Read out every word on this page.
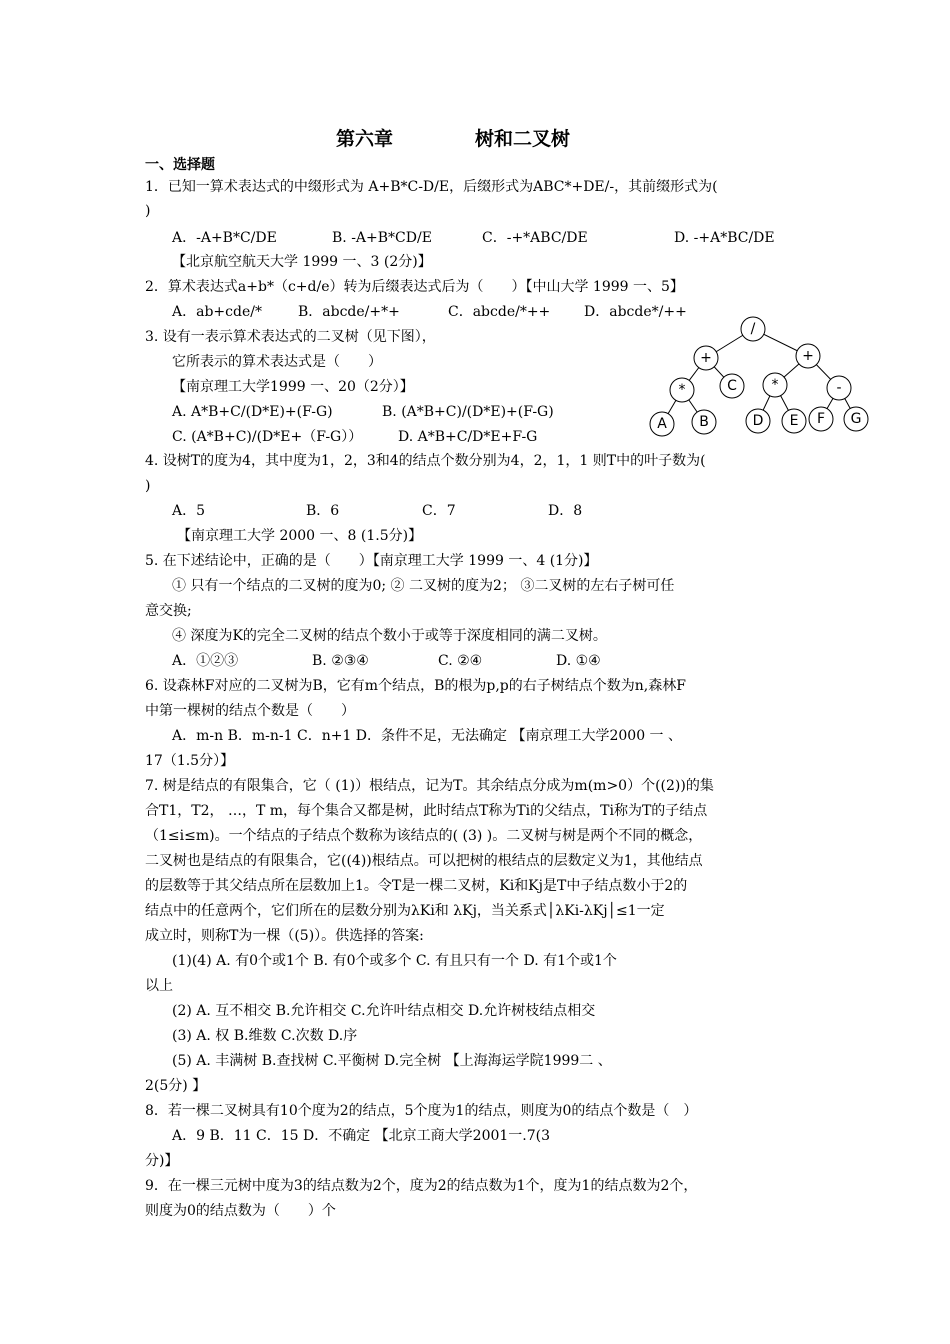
第六章	树和二叉树
一、选择题
1．已知一算术表达式的中缀形式为 A+B*C-D/E，后缀形式为ABC*+DE/-，其前缀形式为(
)
A．-A+B*C/DE	B. -A+B*CD/E	C．-+*ABC/DE	D. -+A*BC/DE
【北京航空航天大学 1999 一、3 (2分)】
2．算术表达式a+b*（c+d/e）转为后缀表达式后为（　　）【中山大学 1999 一、5】
A．ab+cde/*	B．abcde/+*+	C．abcde/*++ D．abcde*/++
3. 设有一表示算术表达式的二叉树（见下图），
它所表示的算术表达式是（　　）
【南京理工大学1999 一、20（2分）】
A. A*B+C/(D*E)+(F-G)	B. (A*B+C)/(D*E)+(F-G)
C. (A*B+C)/(D*E+（F-G））	D. A*B+C/D*E+F-G
/
+	+
*	C *	-
A B	D E F G
4. 设树T的度为4，其中度为1，2，3和4的结点个数分别为4，2，1，1 则T中的叶子数为(
)
A．5	B．6	C．7	D．8
【南京理工大学 2000 一、8 (1.5分)】
5. 在下述结论中，正确的是（　　）【南京理工大学 1999 一、4 (1分)】
① 只有一个结点的二叉树的度为0; ② 二叉树的度为2； ③二叉树的左右子树可任
意交换;
④ 深度为K的完全二叉树的结点个数小于或等于深度相同的满二叉树。
A．①②③	B. ②③④	C. ②④	D. ①④
6. 设森林F对应的二叉树为B，它有m个结点，B的根为p,p的右子树结点个数为n,森林F
中第一棵树的结点个数是（　　）
A．m-n B．m-n-1 C．n+1 D．条件不足，无法确定 【南京理工大学2000 一 、
17（1.5分）】
7. 树是结点的有限集合，它（ (1)）根结点，记为T。其余结点分成为m(m>0）个((2))的集
合T1，T2， …，T m，每个集合又都是树，此时结点T称为Ti的父结点，Ti称为T的子结点
（1≤i≤m)。一个结点的子结点个数称为该结点的( (3) )。二叉树与树是两个不同的概念，
二叉树也是结点的有限集合，它((4))根结点。可以把树的根结点的层数定义为1，其他结点
的层数等于其父结点所在层数加上1。令T是一棵二叉树，Ki和Kj是T中子结点数小于2的
结点中的任意两个，它们所在的层数分别为λKi和 λKj，当关系式│λKi-λKj│≤1一定
成立时，则称T为一棵（(5)）。供选择的答案:
(1)(4) A. 有0个或1个 B. 有0个或多个 C. 有且只有一个 D. 有1个或1个
以上
(2) A. 互不相交 B.允许相交 C.允许叶结点相交 D.允许树枝结点相交
(3) A. 权 B.维数 C.次数 D.序
(5) A. 丰满树 B.查找树 C.平衡树 D.完全树 【上海海运学院1999二 、
2(5分) 】
8．若一棵二叉树具有10个度为2的结点，5个度为1的结点，则度为0的结点个数是（　）
A．9 B．11 C．15 D．不确定 【北京工商大学2001一.7(3
分)】
9．在一棵三元树中度为3的结点数为2个，度为2的结点数为1个，度为1的结点数为2个，
则度为0的结点数为（　　）个
